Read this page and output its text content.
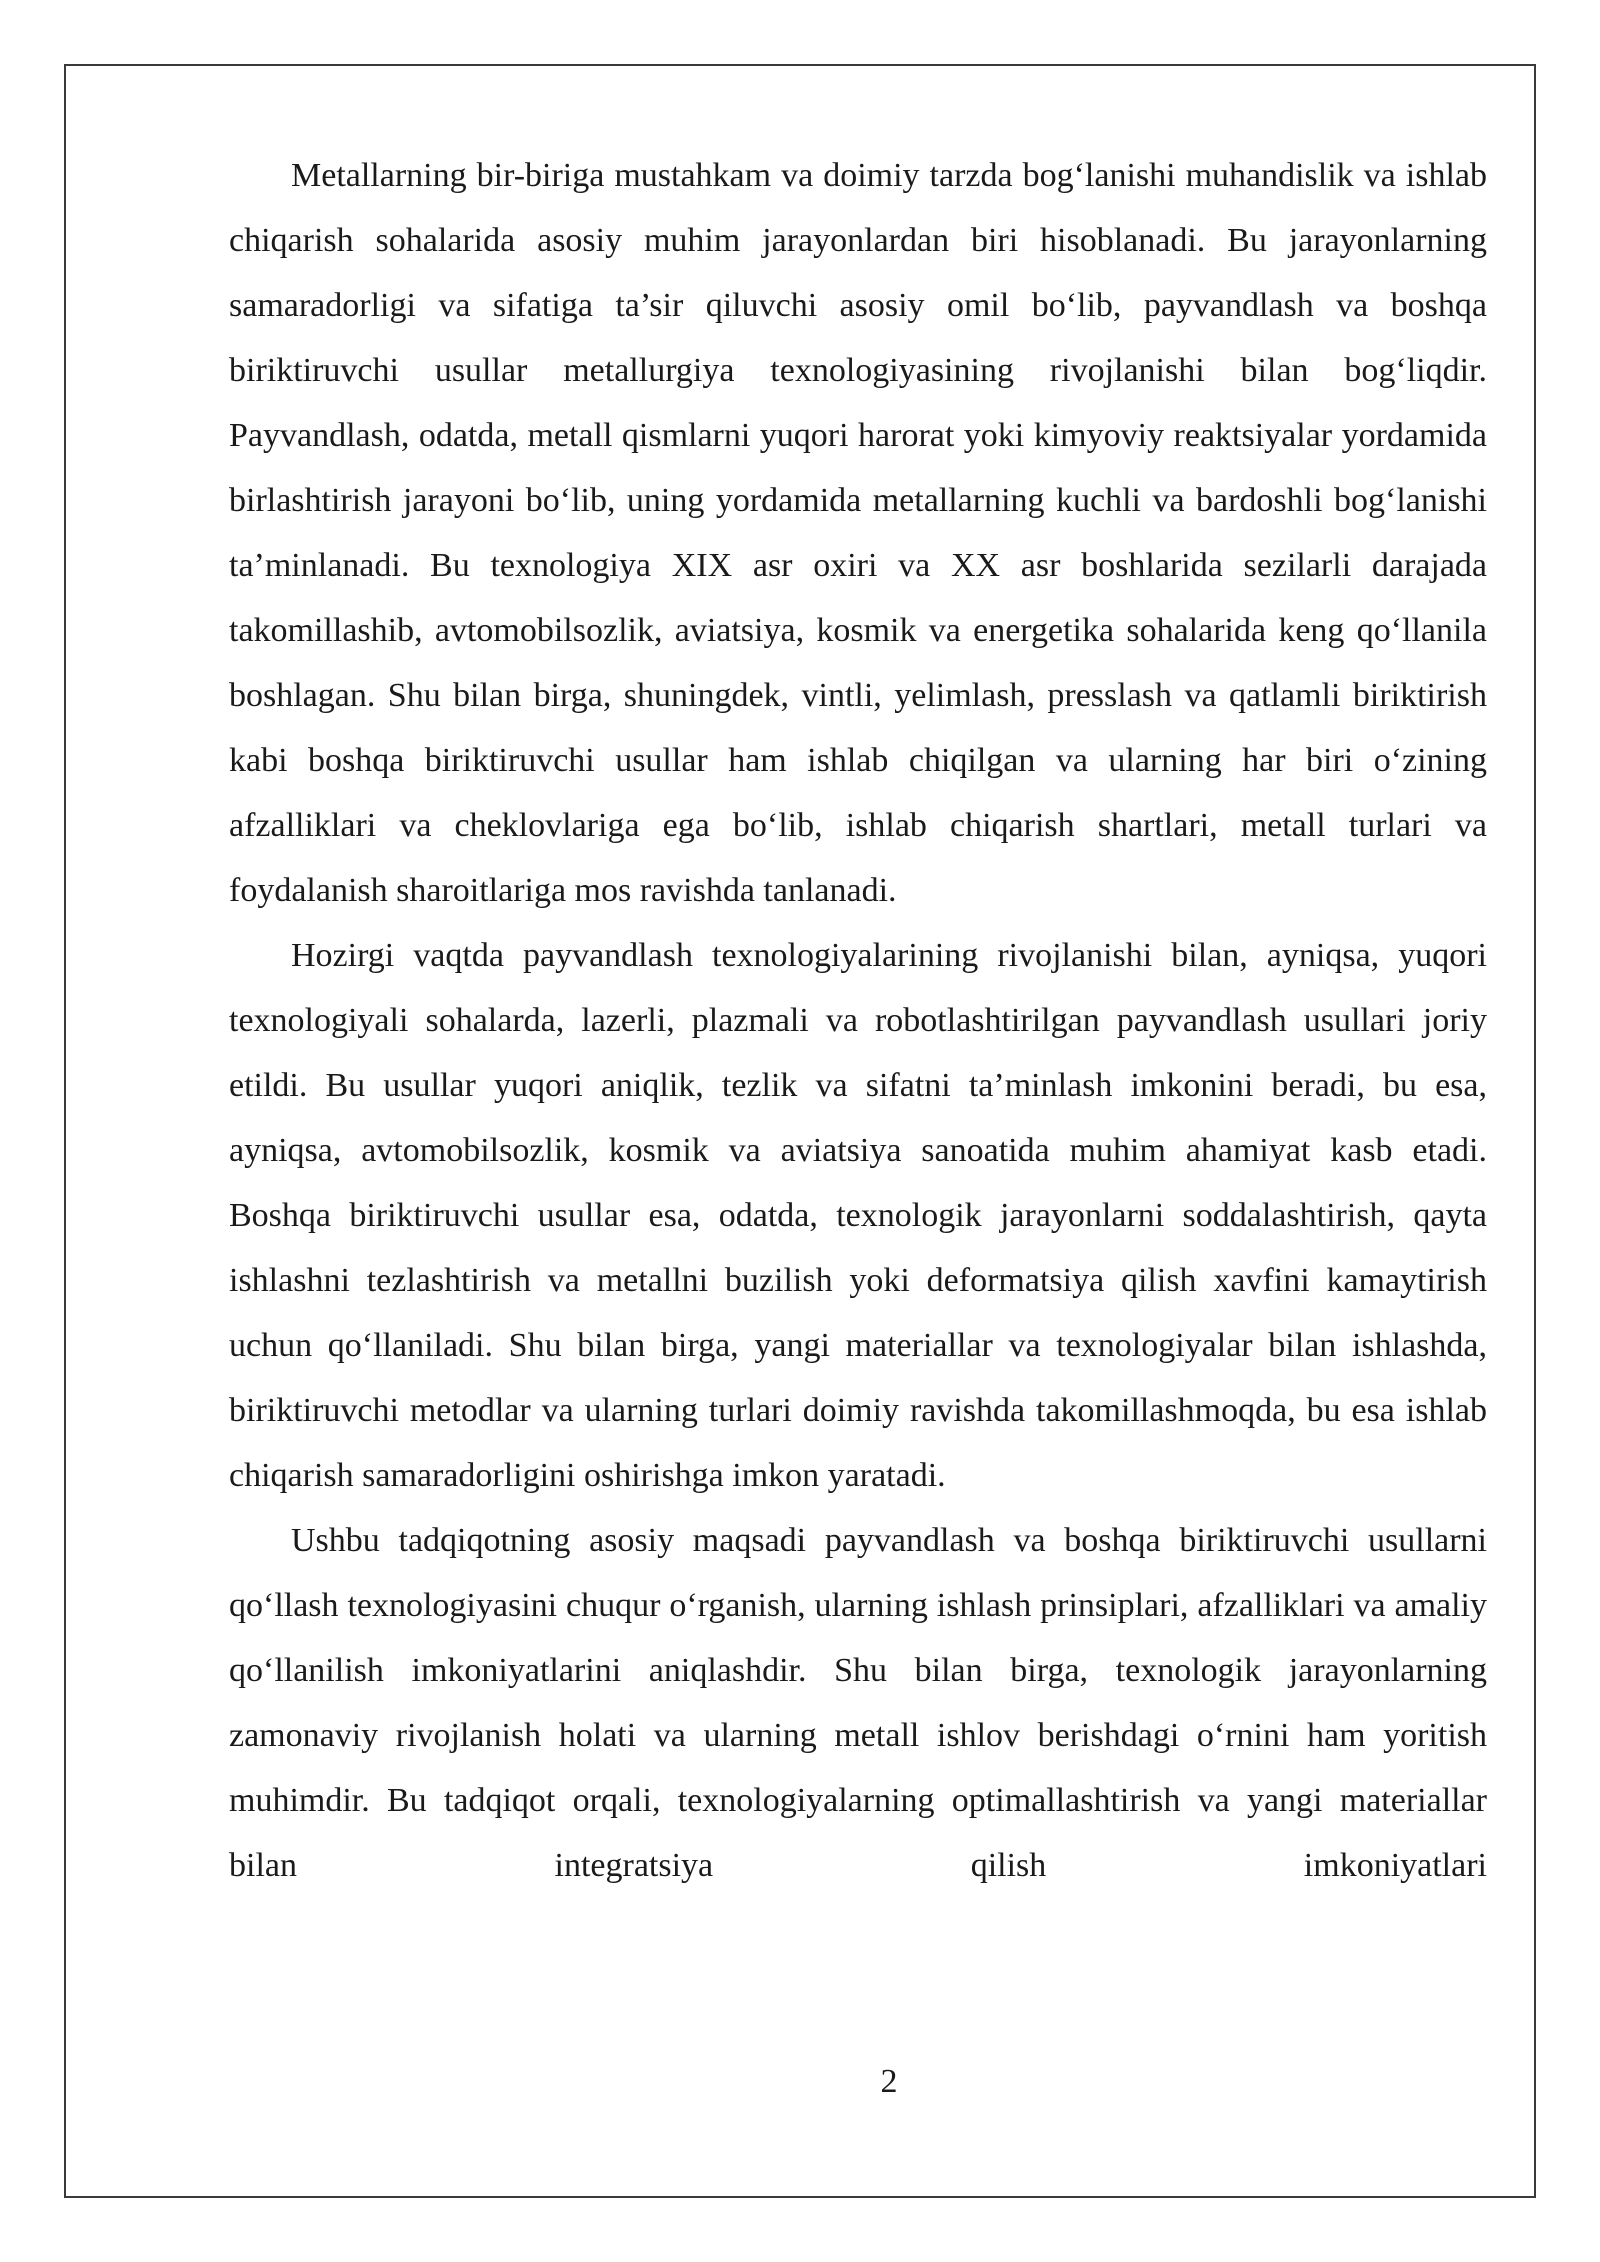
Metallarning bir-biriga mustahkam va doimiy tarzda bog‘lanishi muhandislik va ishlab chiqarish sohalarida asosiy muhim jarayonlardan biri hisoblanadi. Bu jarayonlarning samaradorligi va sifatiga ta’sir qiluvchi asosiy omil bo‘lib, payvandlash va boshqa biriktiruvchi usullar metallurgiya texnologiyasining rivojlanishi bilan bog‘liqdir. Payvandlash, odatda, metall qismlarni yuqori harorat yoki kimyoviy reaktsiyalar yordamida birlashtirish jarayoni bo‘lib, uning yordamida metallarning kuchli va bardoshli bog‘lanishi ta’minlanadi. Bu texnologiya XIX asr oxiri va XX asr boshlarida sezilarli darajada takomillashib, avtomobilsozlik, aviatsiya, kosmik va energetika sohalarida keng qo‘llanila boshlagan. Shu bilan birga, shuningdek, vintli, yelimlash, presslash va qatlamli biriktirish kabi boshqa biriktiruvchi usullar ham ishlab chiqilgan va ularning har biri o‘zining afzalliklari va cheklovlariga ega bo‘lib, ishlab chiqarish shartlari, metall turlari va foydalanish sharoitlariga mos ravishda tanlanadi.

Hozirgi vaqtda payvandlash texnologiyalarining rivojlanishi bilan, ayniqsa, yuqori texnologiyali sohalarda, lazerli, plazmali va robotlashtirilgan payvandlash usullari joriy etildi. Bu usullar yuqori aniqlik, tezlik va sifatni ta’minlash imkonini beradi, bu esa, ayniqsa, avtomobilsozlik, kosmik va aviatsiya sanoatida muhim ahamiyat kasb etadi. Boshqa biriktiruvchi usullar esa, odatda, texnologik jarayonlarni soddalashtirish, qayta ishlashni tezlashtirish va metallni buzilish yoki deformatsiya qilish xavfini kamaytirish uchun qo‘llaniladi. Shu bilan birga, yangi materiallar va texnologiyalar bilan ishlashda, biriktiruvchi metodlar va ularning turlari doimiy ravishda takomillashmoqda, bu esa ishlab chiqarish samaradorligini oshirishga imkon yaratadi.

Ushbu tadqiqotning asosiy maqsadi payvandlash va boshqa biriktiruvchi usullarni qo‘llash texnologiyasini chuqur o‘rganish, ularning ishlash prinsiplari, afzalliklari va amaliy qo‘llanilish imkoniyatlarini aniqlashdir. Shu bilan birga, texnologik jarayonlarning zamonaviy rivojlanish holati va ularning metall ishlov berishdagi o‘rnini ham yoritish muhimdir. Bu tadqiqot orqali, texnologiyalarning optimallashtirish va yangi materiallar bilan integratsiya qilish imkoniyatlari

2
